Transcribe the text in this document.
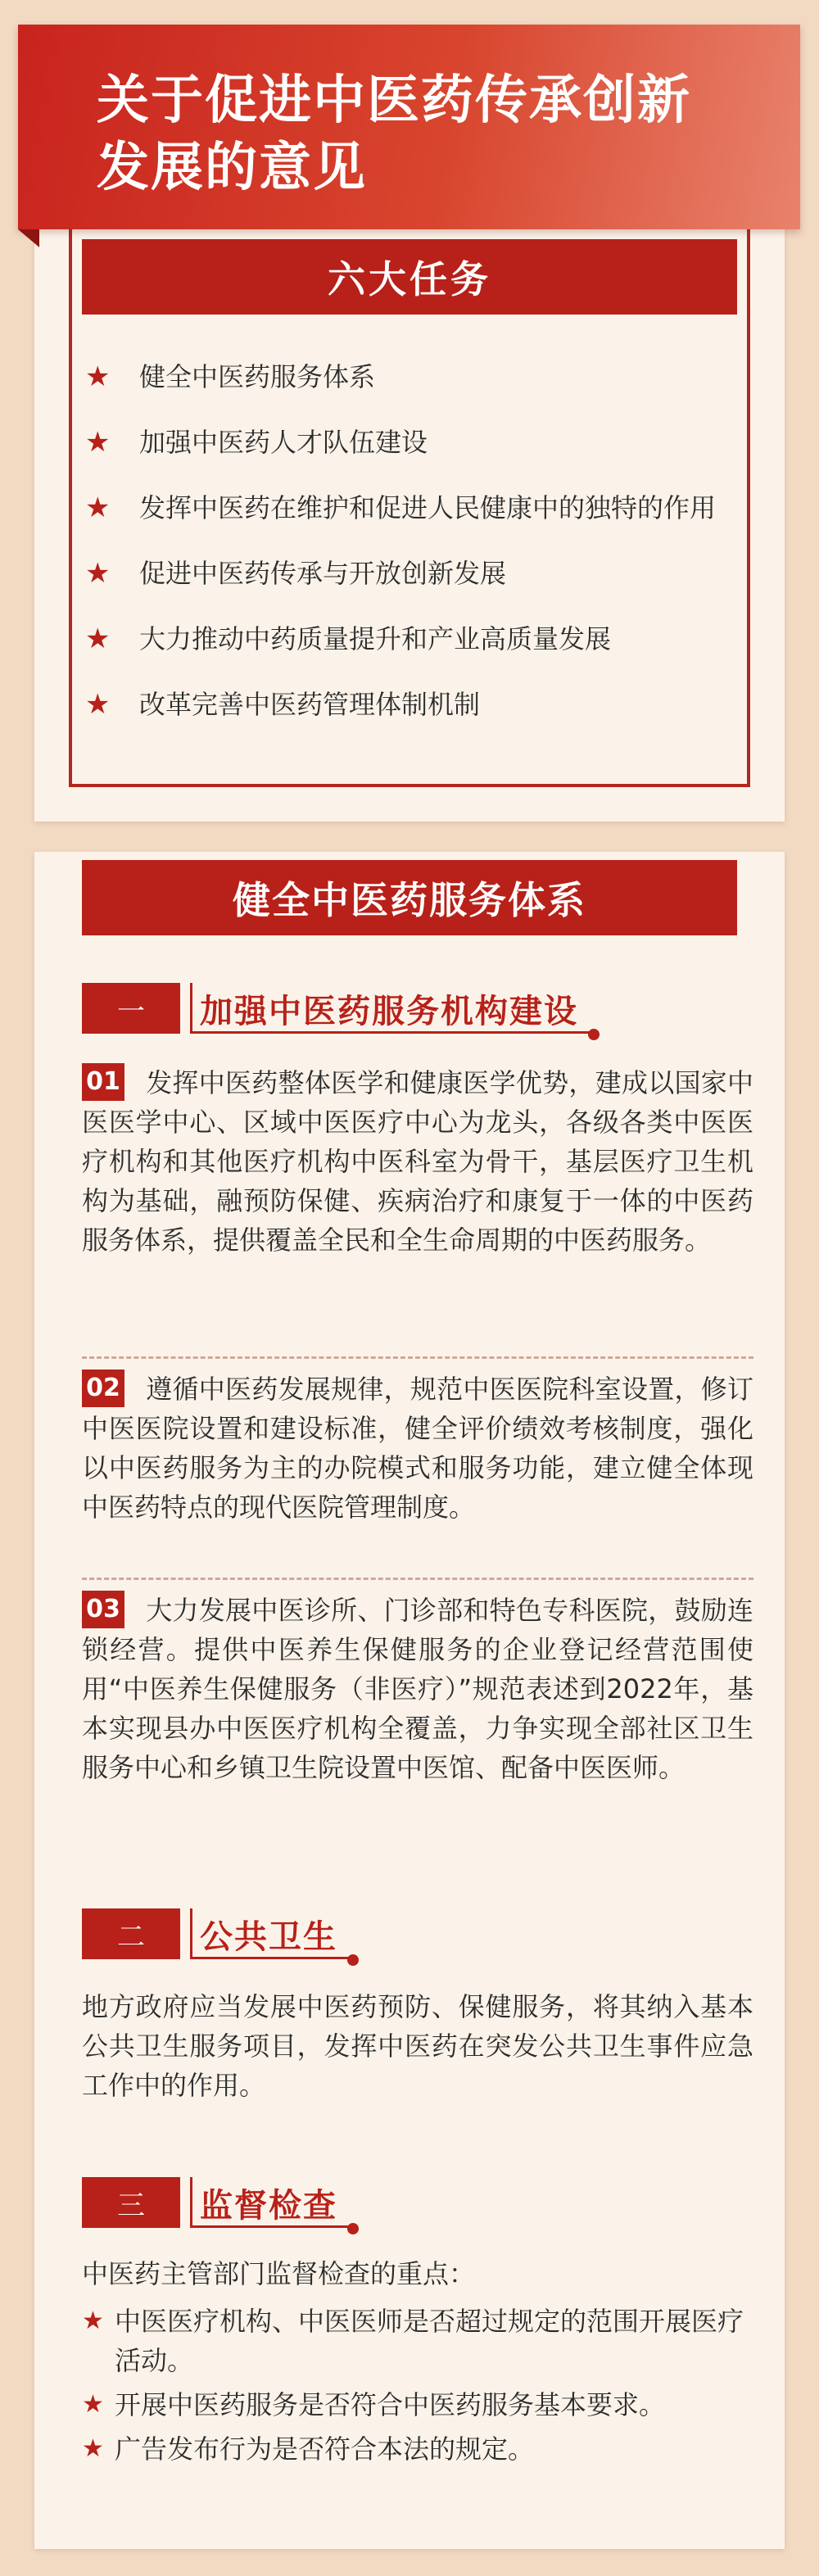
关于促进中医药传承创新
发展的意见
六大任务
★ 健全中医药服务体系
★ 加强中医药人才队伍建设
★ 发挥中医药在维护和促进人民健康中的独特的作用
★ 促进中医药传承与开放创新发展
★ 大力推动中药质量提升和产业高质量发展
★ 改革完善中医药管理体制机制
健全中医药服务体系
一	加强中医药服务机构建设
01 发挥中医药整体医学和健康医学优势，建成以国家中医医学中心、区域中医医疗中心为龙头，各级各类中医医疗机构和其他医疗机构中医科室为骨干，基层医疗卫生机构为基础，融预防保健、疾病治疗和康复于一体的中医药服务体系，提供覆盖全民和全生命周期的中医药服务。
02 遵循中医药发展规律，规范中医医院科室设置，修订中医医院设置和建设标准，健全评价绩效考核制度，强化以中医药服务为主的办院模式和服务功能，建立健全体现中医药特点的现代医院管理制度。
03 大力发展中医诊所、门诊部和特色专科医院，鼓励连锁经营。提供中医养生保健服务的企业登记经营范围使用“中医养生保健服务（非医疗）”规范表述到2022年，基本实现县办中医医疗机构全覆盖，力争实现全部社区卫生服务中心和乡镇卫生院设置中医馆、配备中医医师。
二	公共卫生
地方政府应当发展中医药预防、保健服务，将其纳入基本公共卫生服务项目，发挥中医药在突发公共卫生事件应急工作中的作用。
三	监督检查
中医药主管部门监督检查的重点：
★ 中医医疗机构、中医医师是否超过规定的范围开展医疗活动。
★ 开展中医药服务是否符合中医药服务基本要求。
★ 广告发布行为是否符合本法的规定。
